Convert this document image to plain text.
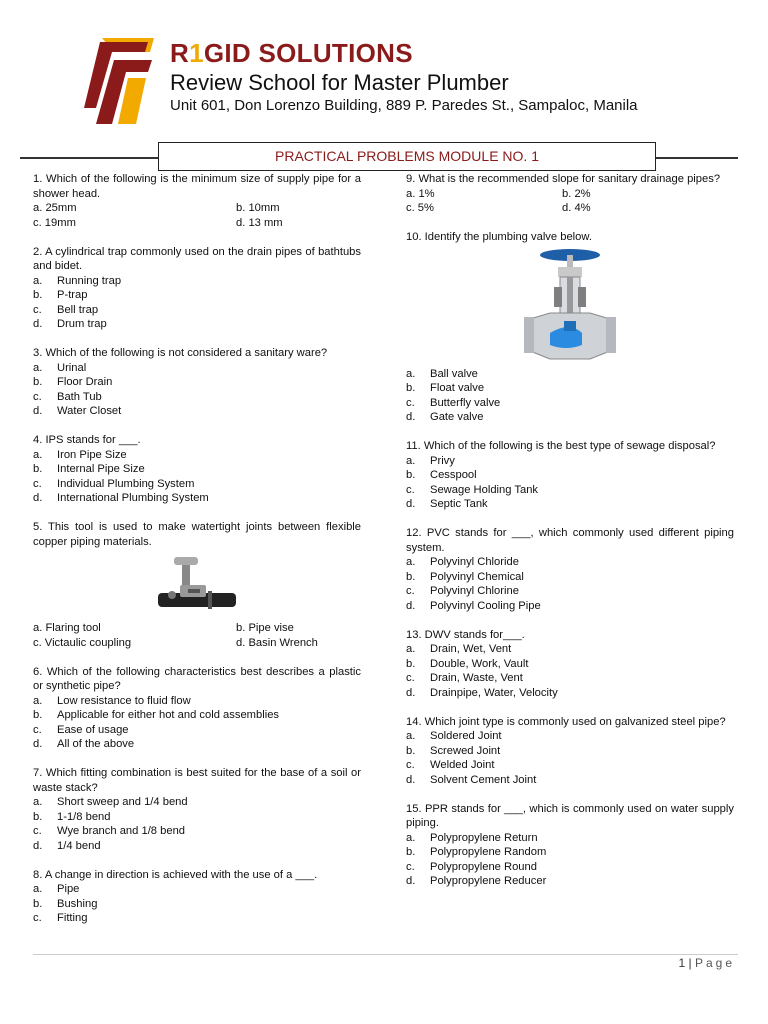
R1GID SOLUTIONS
Review School for Master Plumber
Unit 601, Don Lorenzo Building, 889 P. Paredes St., Sampaloc, Manila
PRACTICAL PROBLEMS MODULE NO. 1
1. Which of the following is the minimum size of supply pipe for a shower head.
a. 25mm	b. 10mm
c. 19mm	d. 13 mm
2. A cylindrical trap commonly used on the drain pipes of bathtubs and bidet.
a.	Running trap
b.	P-trap
c.	Bell trap
d.	Drum trap
3. Which of the following is not considered a sanitary ware?
a.	Urinal
b.	Floor Drain
c.	Bath Tub
d.	Water Closet
4. IPS stands for ___.
a.	Iron Pipe Size
b.	Internal Pipe Size
c.	Individual Plumbing System
d.	International Plumbing System
5. This tool is used to make watertight joints between flexible copper piping materials.
a. Flaring tool	b. Pipe vise
c. Victaulic coupling	d. Basin Wrench
6. Which of the following characteristics best describes a plastic or synthetic pipe?
a.	Low resistance to fluid flow
b.	Applicable for either hot and cold assemblies
c.	Ease of usage
d.	All of the above
7. Which fitting combination is best suited for the base of a soil or waste stack?
a.	Short sweep and 1/4 bend
b.	1-1/8 bend
c.	Wye branch and 1/8 bend
d.	1/4 bend
8. A change in direction is achieved with the use of a ___.
a.	Pipe
b.	Bushing
c.	Fitting
9. What is the recommended slope for sanitary drainage pipes?
a. 1%	b. 2%
c. 5%	d. 4%
10. Identify the plumbing valve below.
a.	Ball valve
b.	Float valve
c.	Butterfly valve
d.	Gate valve
11. Which of the following is the best type of sewage disposal?
a.	Privy
b.	Cesspool
c.	Sewage Holding Tank
d.	Septic Tank
12. PVC stands for ___, which commonly used different piping system.
a.	Polyvinyl Chloride
b.	Polyvinyl Chemical
c.	Polyvinyl Chlorine
d.	Polyvinyl Cooling Pipe
13. DWV stands for___.
a.	Drain, Wet, Vent
b.	Double, Work, Vault
c.	Drain, Waste, Vent
d.	Drainpipe, Water, Velocity
14. Which joint type is commonly used on galvanized steel pipe?
a.	Soldered Joint
b.	Screwed Joint
c.	Welded Joint
d.	Solvent Cement Joint
15. PPR stands for ___, which is commonly used on water supply piping.
a.	Polypropylene Return
b.	Polypropylene Random
c.	Polypropylene Round
d.	Polypropylene Reducer
1 | Page
